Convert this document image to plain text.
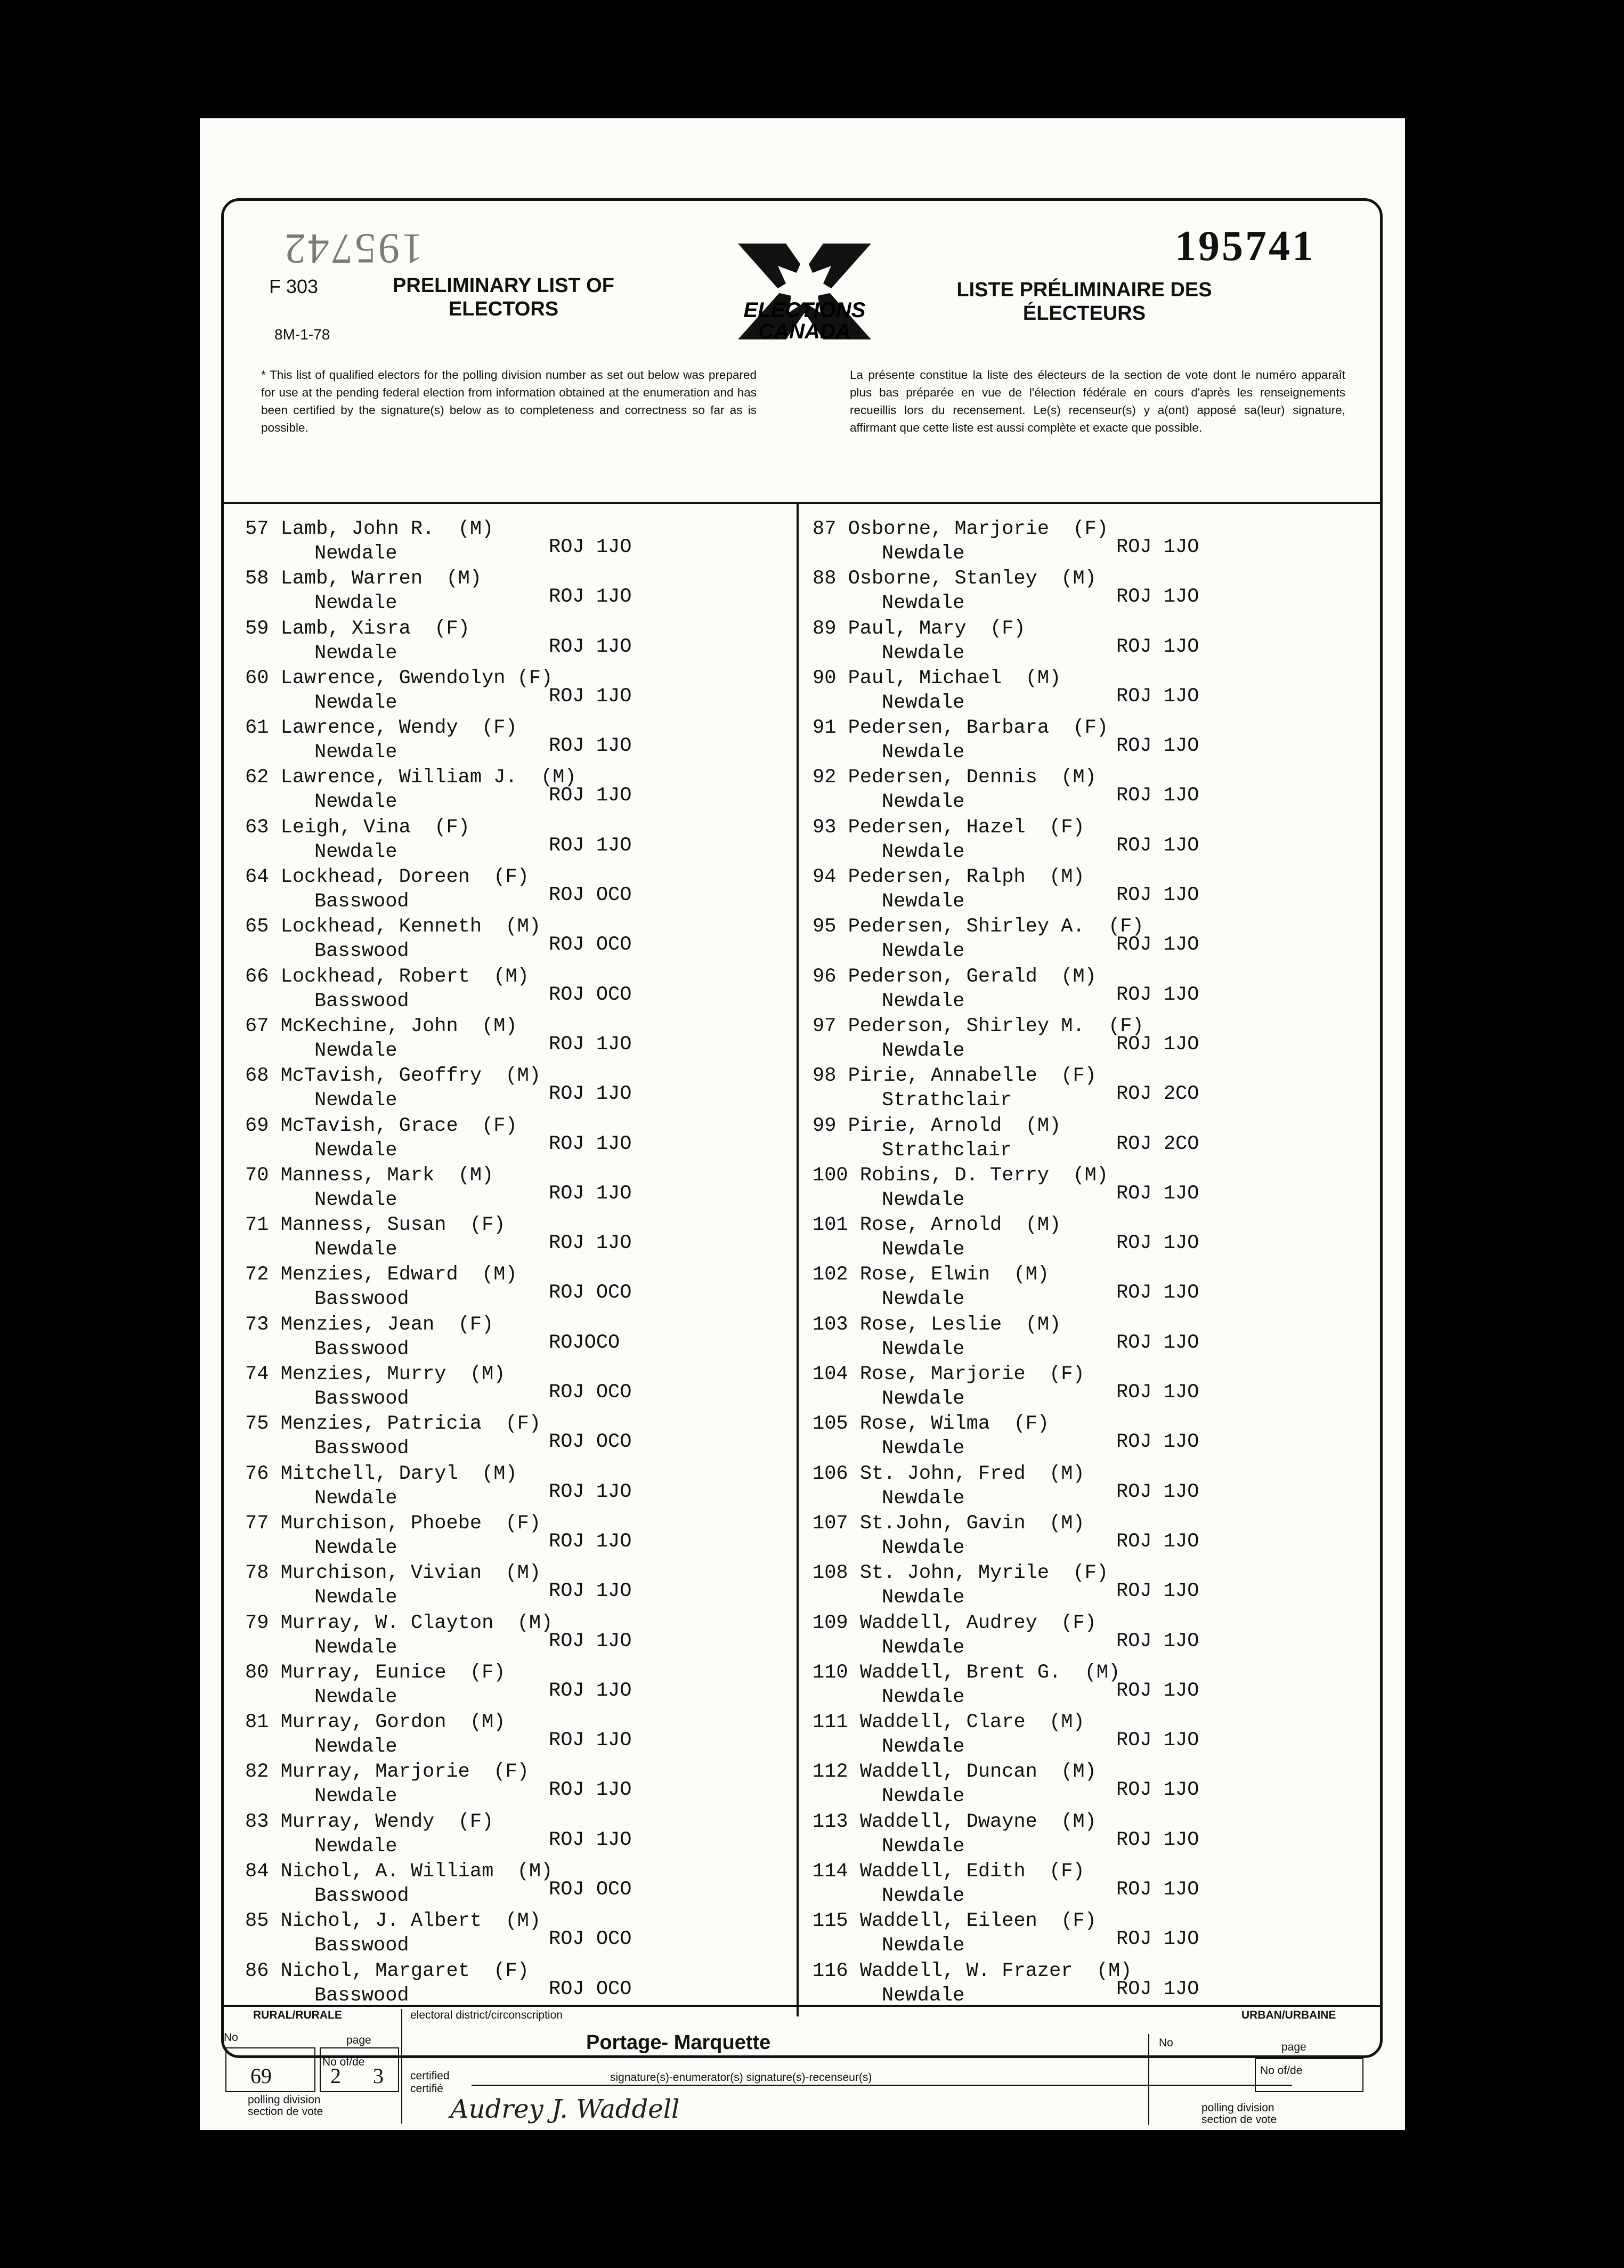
195742	195741
F 303
8M-1-78
PRELIMINARY LIST OF
ELECTORS	ELECTIONS
CANADA
LISTE PRÉLIMINAIRE DES
ÉLECTEURS
* This list of qualified electors for the polling division number as set out below was prepared for use at the pending federal election from information obtained at the enumeration and has been certified by the signature(s) below as to completeness and correctness so far as is possible.
La présente constitue la liste des électeurs de la section de vote dont le numéro apparaît plus bas préparée en vue de l'élection fédérale en cours d'après les renseignements recueillis lors du recensement. Le(s) recenseur(s) y a(ont) apposé sa(leur) signature, affirmant que cette liste est aussi complète et exacte que possible.
57 Lamb, John R.  (M)
Newdale	ROJ 1JO
58 Lamb, Warren  (M)
Newdale	ROJ 1JO
59 Lamb, Xisra  (F)
Newdale	ROJ 1JO
60 Lawrence, Gwendolyn (F)
Newdale	ROJ 1JO
61 Lawrence, Wendy  (F)
Newdale	ROJ 1JO
62 Lawrence, William J.  (M)
Newdale	ROJ 1JO
63 Leigh, Vina  (F)
Newdale	ROJ 1JO
64 Lockhead, Doreen  (F)
Basswood	ROJ OCO
65 Lockhead, Kenneth  (M)
Basswood	ROJ OCO
66 Lockhead, Robert  (M)
Basswood	ROJ OCO
67 McKechine, John  (M)
Newdale	ROJ 1JO
68 McTavish, Geoffry  (M)
Newdale	ROJ 1JO
69 McTavish, Grace  (F)
Newdale	ROJ 1JO
70 Manness, Mark  (M)
Newdale	ROJ 1JO
71 Manness, Susan  (F)
Newdale	ROJ 1JO
72 Menzies, Edward  (M)
Basswood	ROJ OCO
73 Menzies, Jean  (F)
Basswood	ROJOCO
74 Menzies, Murry  (M)
Basswood	ROJ OCO
75 Menzies, Patricia  (F)
Basswood	ROJ OCO
76 Mitchell, Daryl  (M)
Newdale	ROJ 1JO
77 Murchison, Phoebe  (F)
Newdale	ROJ 1JO
78 Murchison, Vivian  (M)
Newdale	ROJ 1JO
79 Murray, W. Clayton  (M)
Newdale	ROJ 1JO
80 Murray, Eunice  (F)
Newdale	ROJ 1JO
81 Murray, Gordon  (M)
Newdale	ROJ 1JO
82 Murray, Marjorie  (F)
Newdale	ROJ 1JO
83 Murray, Wendy  (F)
Newdale	ROJ 1JO
84 Nichol, A. William  (M)
Basswood	ROJ OCO
85 Nichol, J. Albert  (M)
Basswood	ROJ OCO
86 Nichol, Margaret  (F)
Basswood	ROJ OCO
87 Osborne, Marjorie  (F)
Newdale	ROJ 1JO
88 Osborne, Stanley  (M)
Newdale	ROJ 1JO
89 Paul, Mary  (F)
Newdale	ROJ 1JO
90 Paul, Michael  (M)
Newdale	ROJ 1JO
91 Pedersen, Barbara  (F)
Newdale	ROJ 1JO
92 Pedersen, Dennis  (M)
Newdale	ROJ 1JO
93 Pedersen, Hazel  (F)
Newdale	ROJ 1JO
94 Pedersen, Ralph  (M)
Newdale	ROJ 1JO
95 Pedersen, Shirley A.  (F)
Newdale	ROJ 1JO
96 Pederson, Gerald  (M)
Newdale	ROJ 1JO
97 Pederson, Shirley M.  (F)
Newdale	ROJ 1JO
98 Pirie, Annabelle  (F)
Strathclair	ROJ 2CO
99 Pirie, Arnold  (M)
Strathclair	ROJ 2CO
100 Robins, D. Terry  (M)
Newdale	ROJ 1JO
101 Rose, Arnold  (M)
Newdale	ROJ 1JO
102 Rose, Elwin  (M)
Newdale	ROJ 1JO
103 Rose, Leslie  (M)
Newdale	ROJ 1JO
104 Rose, Marjorie  (F)
Newdale	ROJ 1JO
105 Rose, Wilma  (F)
Newdale	ROJ 1JO
106 St. John, Fred  (M)
Newdale	ROJ 1JO
107 St.John, Gavin  (M)
Newdale	ROJ 1JO
108 St. John, Myrile  (F)
Newdale	ROJ 1JO
109 Waddell, Audrey  (F)
Newdale	ROJ 1JO
110 Waddell, Brent G.  (M)
Newdale	ROJ 1JO
111 Waddell, Clare  (M)
Newdale	ROJ 1JO
112 Waddell, Duncan  (M)
Newdale	ROJ 1JO
113 Waddell, Dwayne  (M)
Newdale	ROJ 1JO
114 Waddell, Edith  (F)
Newdale	ROJ 1JO
115 Waddell, Eileen  (F)
Newdale	ROJ 1JO
116 Waddell, W. Frazer  (M)
Newdale	ROJ 1JO
RURAL/RURALE
No	page
No of/de
69	2 3
polling division section de vote
electoral district/circonscription
Portage- Marquette
certified certifié
signature(s)-enumerator(s) signature(s)-recenseur(s)
Audrey J. Waddell
URBAN/URBAINE
No	page
No of/de
polling division section de vote
